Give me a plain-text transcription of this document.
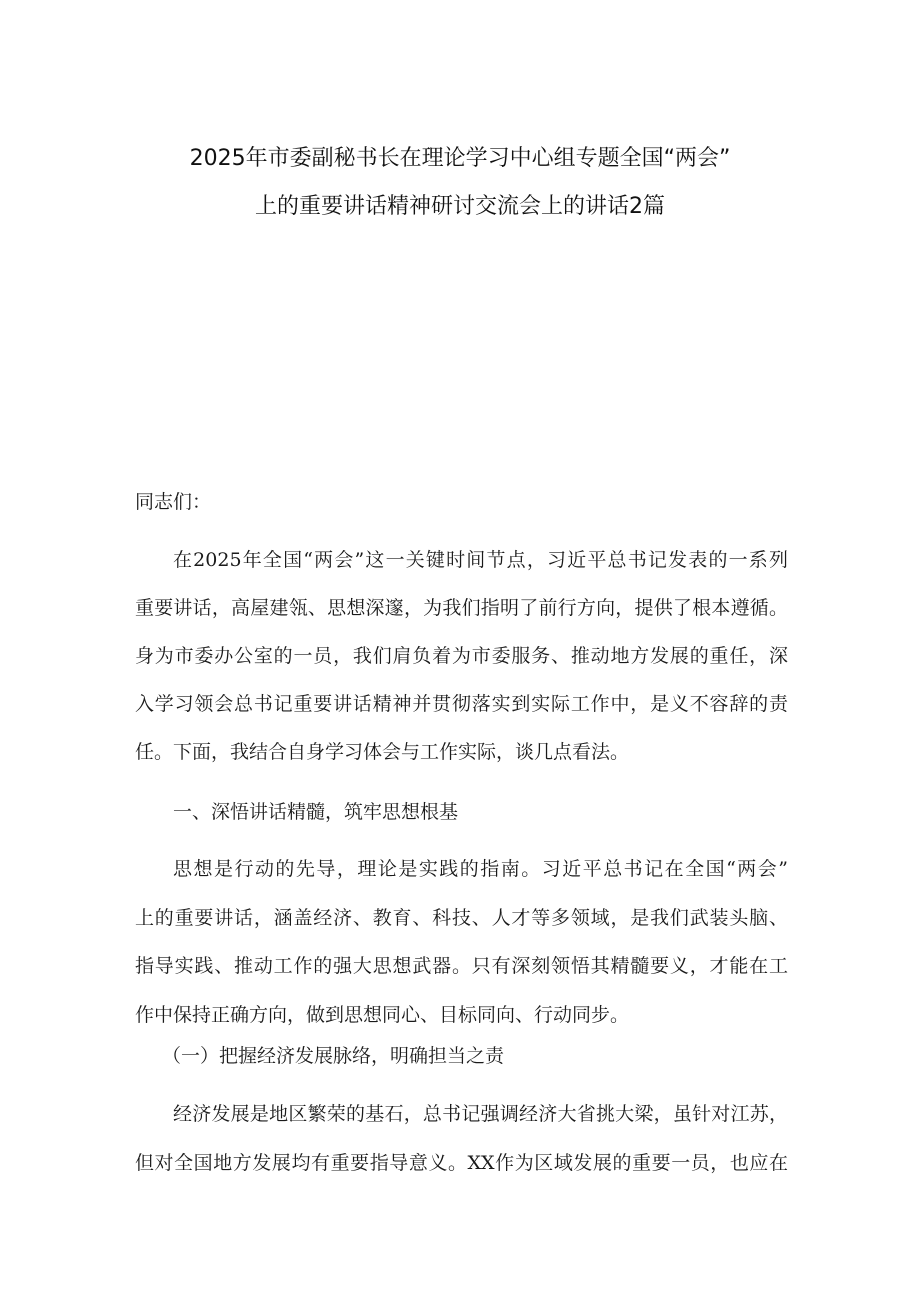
2025年市委副秘书长在理论学习中心组专题全国“两会”
上的重要讲话精神研讨交流会上的讲话2篇
同志们：
在2025年全国“两会”这一关键时间节点，习近平总书记发表的一系列
重要讲话，高屋建瓴、思想深邃，为我们指明了前行方向，提供了根本遵循。
身为市委办公室的一员，我们肩负着为市委服务、推动地方发展的重任，深
入学习领会总书记重要讲话精神并贯彻落实到实际工作中，是义不容辞的责
任。下面，我结合自身学习体会与工作实际，谈几点看法。
一、深悟讲话精髓，筑牢思想根基
思想是行动的先导，理论是实践的指南。习近平总书记在全国“两会”
上的重要讲话，涵盖经济、教育、科技、人才等多领域，是我们武装头脑、
指导实践、推动工作的强大思想武器。只有深刻领悟其精髓要义，才能在工
作中保持正确方向，做到思想同心、目标同向、行动同步。
（一）把握经济发展脉络，明确担当之责
经济发展是地区繁荣的基石，总书记强调经济大省挑大梁，虽针对江苏，
但对全国地方发展均有重要指导意义。XX作为区域发展的重要一员，也应在
